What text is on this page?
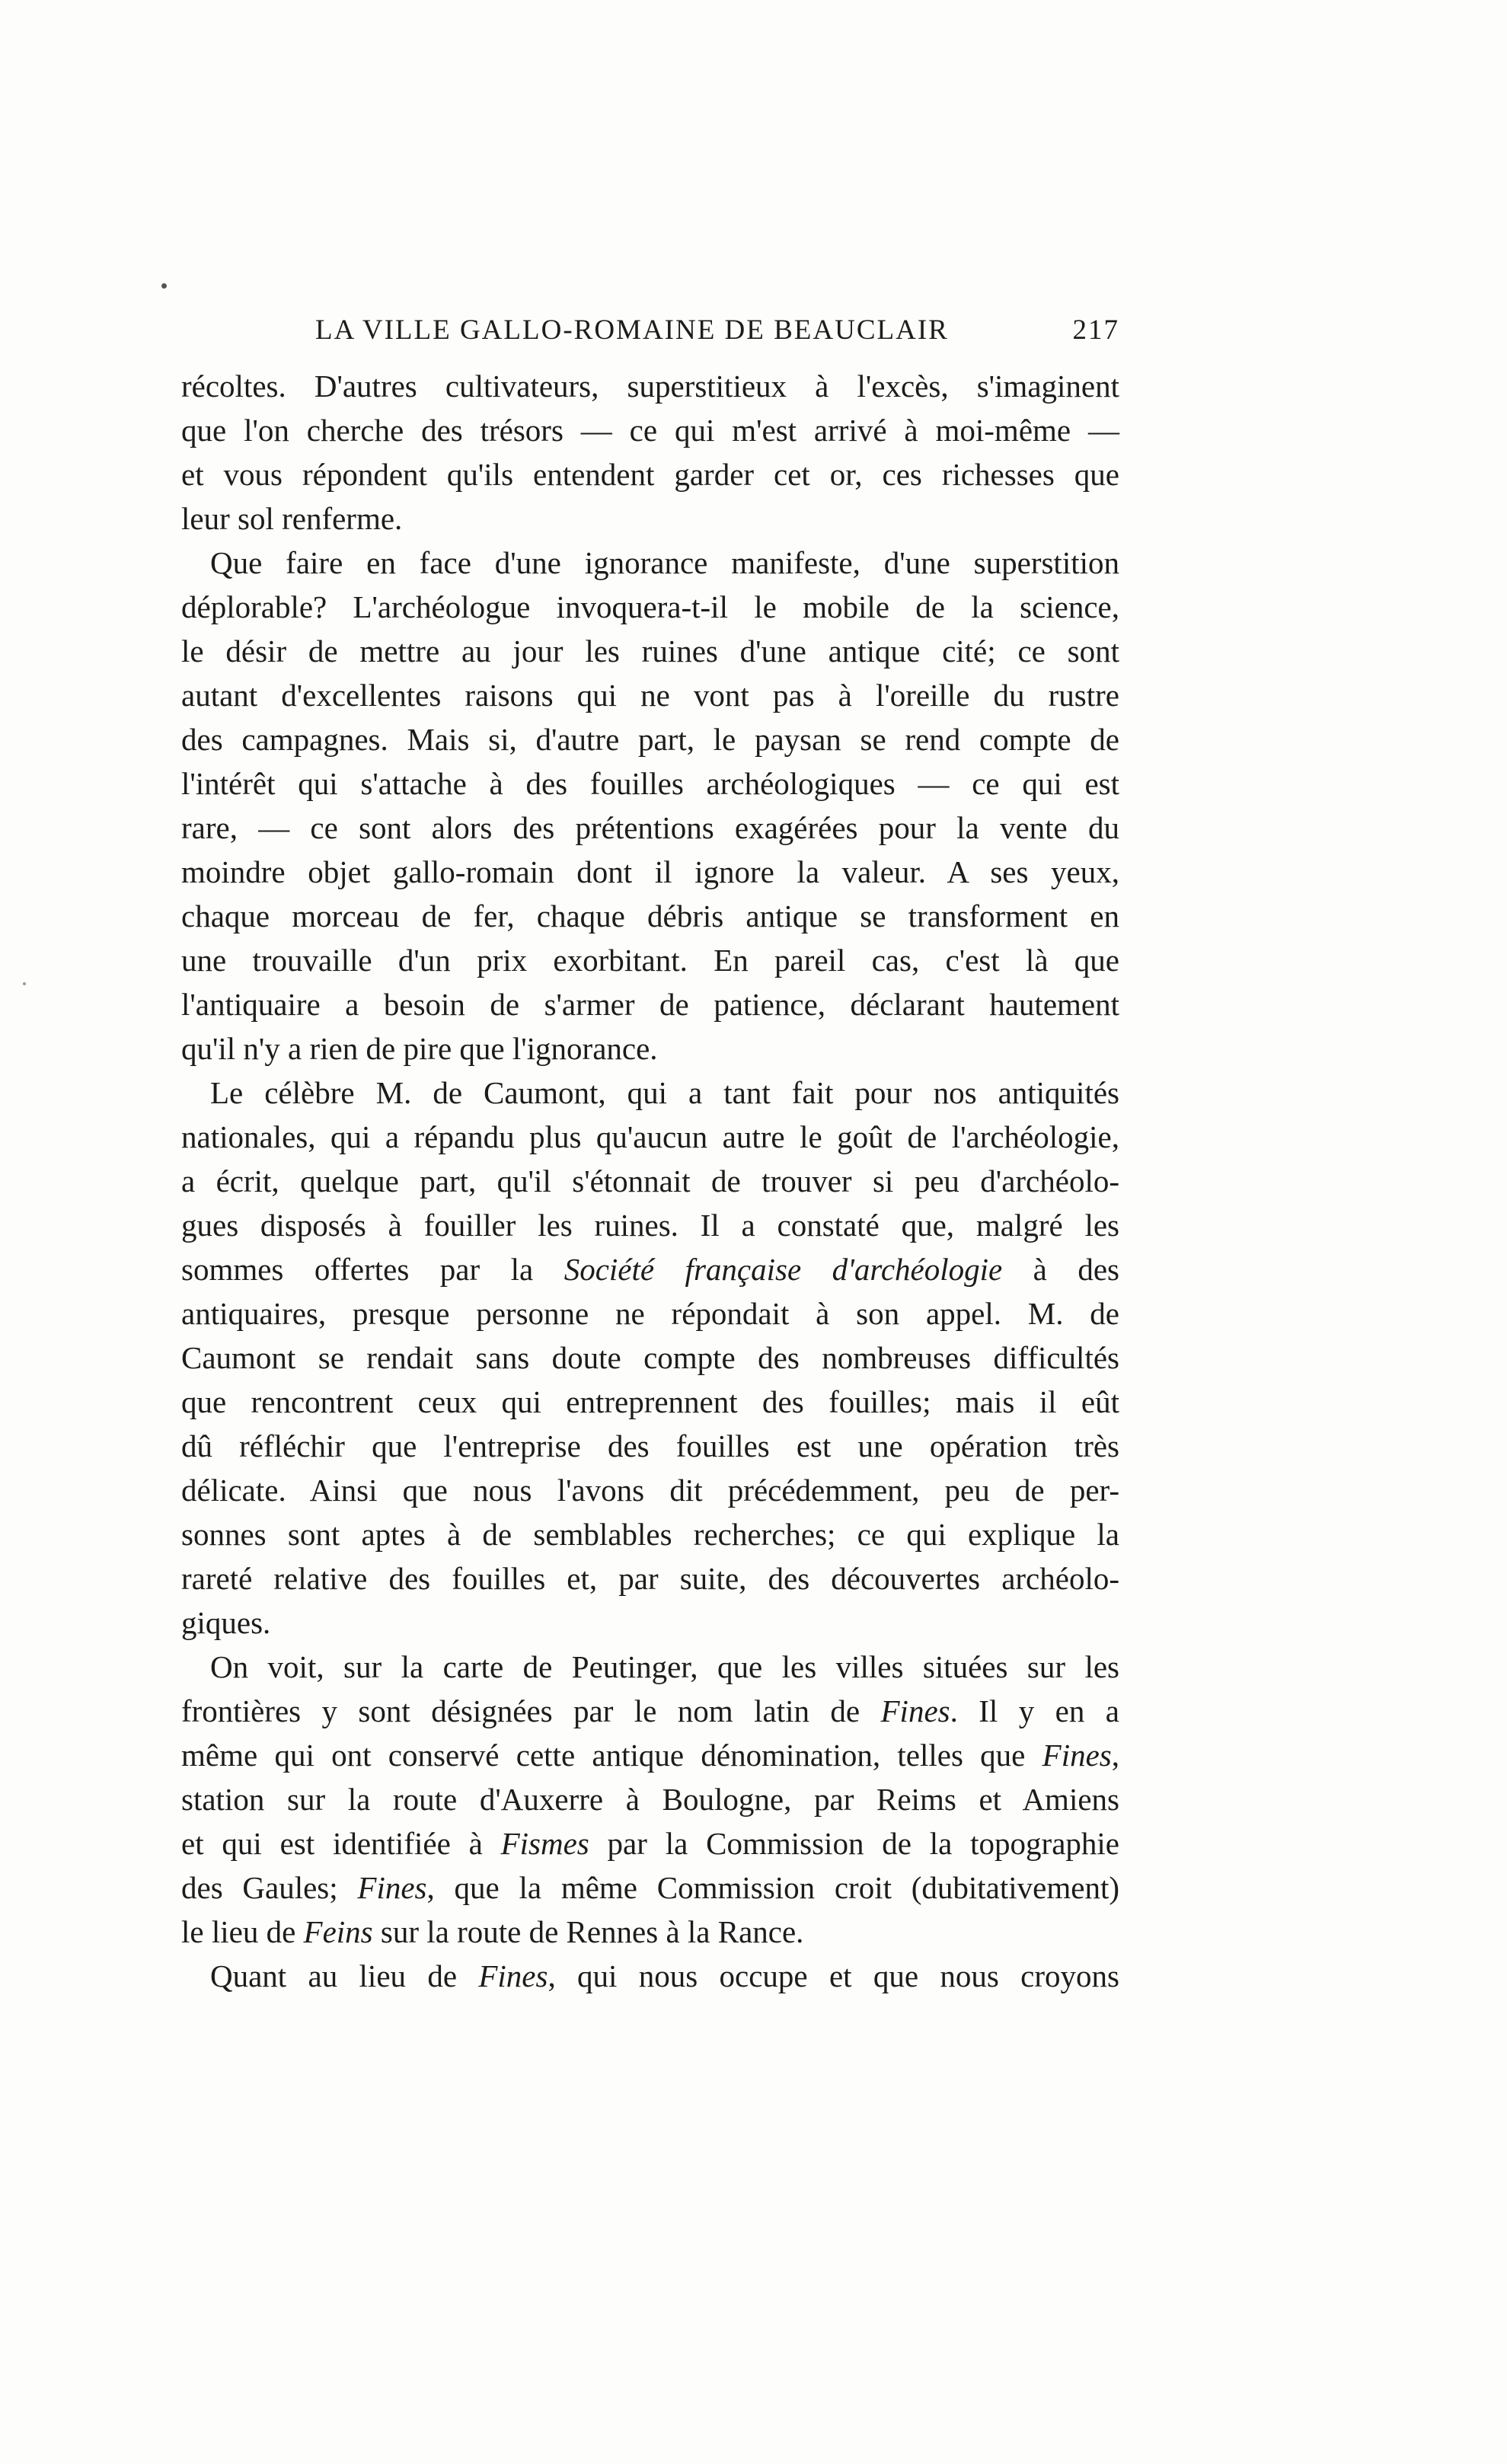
LA VILLE GALLO-ROMAINE DE BEAUCLAIR	217
récoltes. D'autres cultivateurs, superstitieux à l'excès, s'imaginent
que l'on cherche des trésors — ce qui m'est arrivé à moi-même —
et vous répondent qu'ils entendent garder cet or, ces richesses que
leur sol renferme.
Que faire en face d'une ignorance manifeste, d'une superstition
déplorable? L'archéologue invoquera-t-il le mobile de la science,
le désir de mettre au jour les ruines d'une antique cité; ce sont
autant d'excellentes raisons qui ne vont pas à l'oreille du rustre
des campagnes. Mais si, d'autre part, le paysan se rend compte de
l'intérêt qui s'attache à des fouilles archéologiques — ce qui est
rare, — ce sont alors des prétentions exagérées pour la vente du
moindre objet gallo-romain dont il ignore la valeur. A ses yeux,
chaque morceau de fer, chaque débris antique se transforment en
une trouvaille d'un prix exorbitant. En pareil cas, c'est là que
l'antiquaire a besoin de s'armer de patience, déclarant hautement
qu'il n'y a rien de pire que l'ignorance.
Le célèbre M. de Caumont, qui a tant fait pour nos antiquités
nationales, qui a répandu plus qu'aucun autre le goût de l'archéologie,
a écrit, quelque part, qu'il s'étonnait de trouver si peu d'archéolo-
gues disposés à fouiller les ruines. Il a constaté que, malgré les
sommes offertes par la Société française d'archéologie à des
antiquaires, presque personne ne répondait à son appel. M. de
Caumont se rendait sans doute compte des nombreuses difficultés
que rencontrent ceux qui entreprennent des fouilles; mais il eût
dû réfléchir que l'entreprise des fouilles est une opération très
délicate. Ainsi que nous l'avons dit précédemment, peu de per-
sonnes sont aptes à de semblables recherches; ce qui explique la
rareté relative des fouilles et, par suite, des découvertes archéolo-
giques.
On voit, sur la carte de Peutinger, que les villes situées sur les
frontières y sont désignées par le nom latin de Fines. Il y en a
même qui ont conservé cette antique dénomination, telles que Fines,
station sur la route d'Auxerre à Boulogne, par Reims et Amiens
et qui est identifiée à Fismes par la Commission de la topographie
des Gaules; Fines, que la même Commission croit (dubitativement)
le lieu de Feins sur la route de Rennes à la Rance.
Quant au lieu de Fines, qui nous occupe et que nous croyons
